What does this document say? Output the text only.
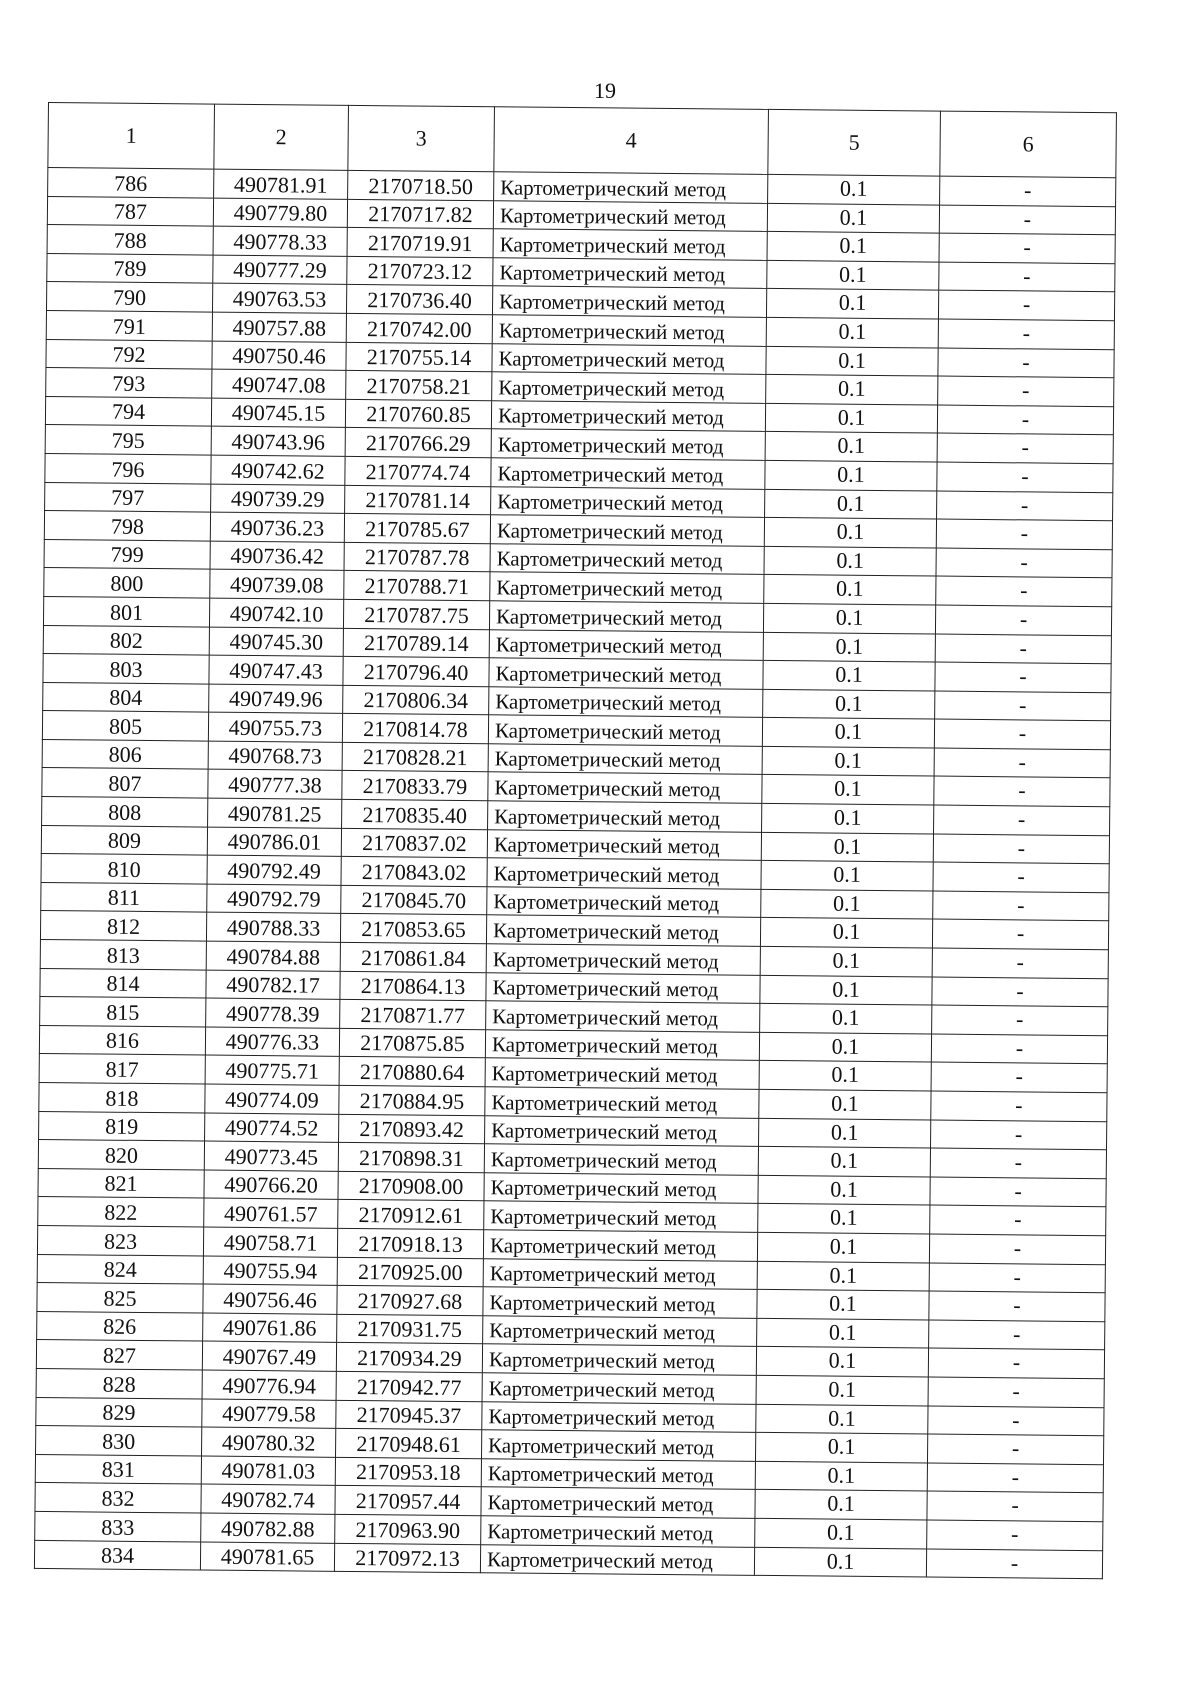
19
1	2	3	4	5	6
786	490781.91	2170718.50	Картометрический метод	0.1	-
787	490779.80	2170717.82	Картометрический метод	0.1	-
788	490778.33	2170719.91	Картометрический метод	0.1	-
789	490777.29	2170723.12	Картометрический метод	0.1	-
790	490763.53	2170736.40	Картометрический метод	0.1	-
791	490757.88	2170742.00	Картометрический метод	0.1	-
792	490750.46	2170755.14	Картометрический метод	0.1	-
793	490747.08	2170758.21	Картометрический метод	0.1	-
794	490745.15	2170760.85	Картометрический метод	0.1	-
795	490743.96	2170766.29	Картометрический метод	0.1	-
796	490742.62	2170774.74	Картометрический метод	0.1	-
797	490739.29	2170781.14	Картометрический метод	0.1	-
798	490736.23	2170785.67	Картометрический метод	0.1	-
799	490736.42	2170787.78	Картометрический метод	0.1	-
800	490739.08	2170788.71	Картометрический метод	0.1	-
801	490742.10	2170787.75	Картометрический метод	0.1	-
802	490745.30	2170789.14	Картометрический метод	0.1	-
803	490747.43	2170796.40	Картометрический метод	0.1	-
804	490749.96	2170806.34	Картометрический метод	0.1	-
805	490755.73	2170814.78	Картометрический метод	0.1	-
806	490768.73	2170828.21	Картометрический метод	0.1	-
807	490777.38	2170833.79	Картометрический метод	0.1	-
808	490781.25	2170835.40	Картометрический метод	0.1	-
809	490786.01	2170837.02	Картометрический метод	0.1	-
810	490792.49	2170843.02	Картометрический метод	0.1	-
811	490792.79	2170845.70	Картометрический метод	0.1	-
812	490788.33	2170853.65	Картометрический метод	0.1	-
813	490784.88	2170861.84	Картометрический метод	0.1	-
814	490782.17	2170864.13	Картометрический метод	0.1	-
815	490778.39	2170871.77	Картометрический метод	0.1	-
816	490776.33	2170875.85	Картометрический метод	0.1	-
817	490775.71	2170880.64	Картометрический метод	0.1	-
818	490774.09	2170884.95	Картометрический метод	0.1	-
819	490774.52	2170893.42	Картометрический метод	0.1	-
820	490773.45	2170898.31	Картометрический метод	0.1	-
821	490766.20	2170908.00	Картометрический метод	0.1	-
822	490761.57	2170912.61	Картометрический метод	0.1	-
823	490758.71	2170918.13	Картометрический метод	0.1	-
824	490755.94	2170925.00	Картометрический метод	0.1	-
825	490756.46	2170927.68	Картометрический метод	0.1	-
826	490761.86	2170931.75	Картометрический метод	0.1	-
827	490767.49	2170934.29	Картометрический метод	0.1	-
828	490776.94	2170942.77	Картометрический метод	0.1	-
829	490779.58	2170945.37	Картометрический метод	0.1	-
830	490780.32	2170948.61	Картометрический метод	0.1	-
831	490781.03	2170953.18	Картометрический метод	0.1	-
832	490782.74	2170957.44	Картометрический метод	0.1	-
833	490782.88	2170963.90	Картометрический метод	0.1	-
834	490781.65	2170972.13	Картометрический метод	0.1	-
